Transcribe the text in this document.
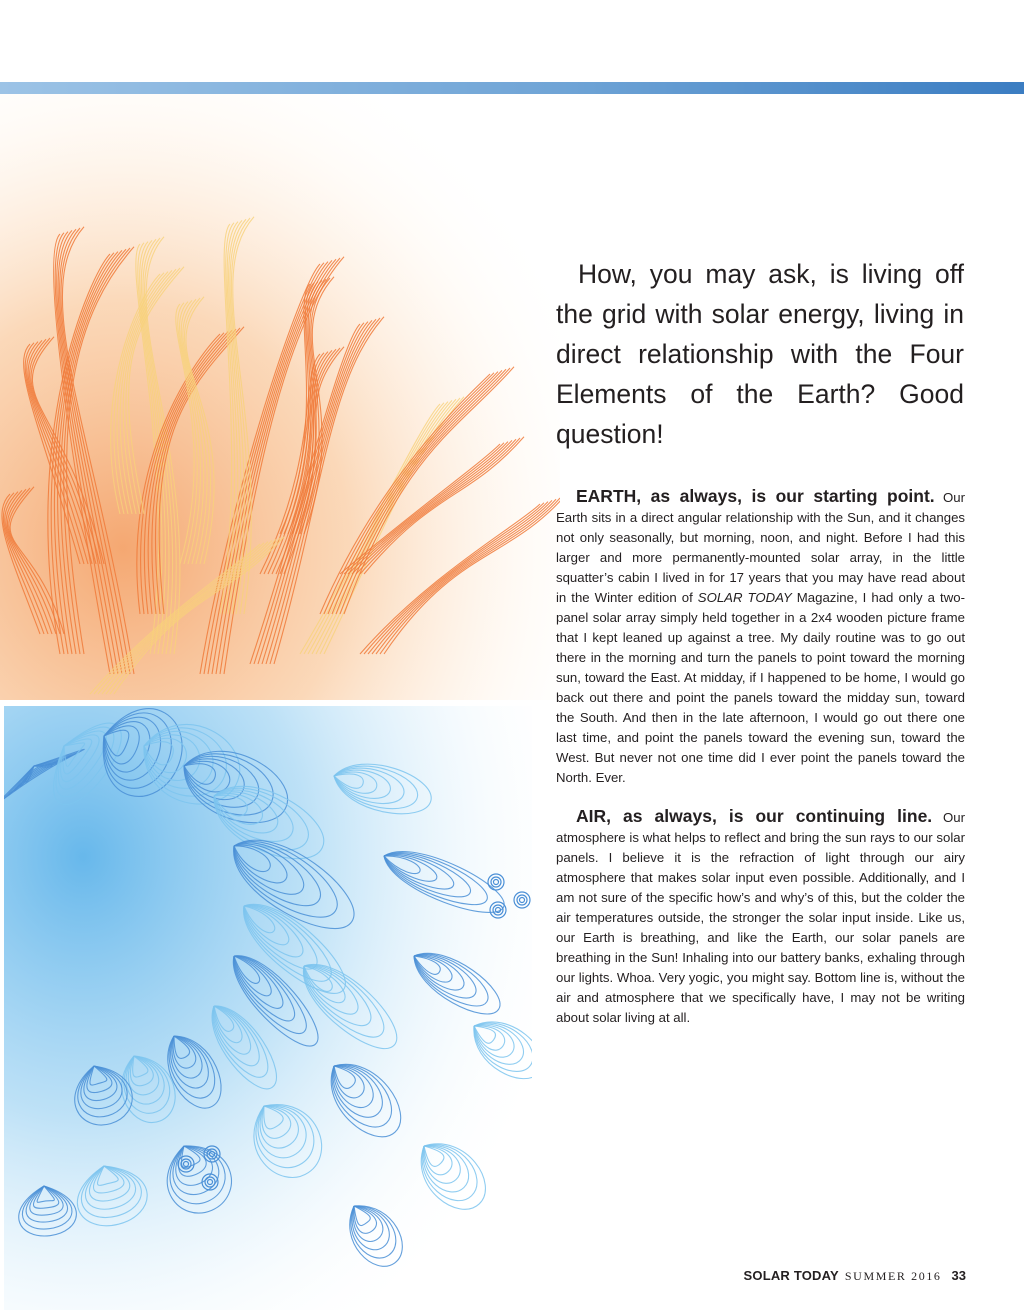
How, you may ask, is living off the grid with solar energy, living in direct relationship with the Four Elements of the Earth? Good question!
EARTH, as always, is our starting point. Our Earth sits in a direct angular relationship with the Sun, and it changes not only seasonally, but morning, noon, and night. Before I had this larger and more permanently-mounted solar array, in the little squatter’s cabin I lived in for 17 years that you may have read about in the Winter edition of SOLAR TODAY Magazine, I had only a two-panel solar array simply held together in a 2x4 wooden picture frame that I kept leaned up against a tree. My daily routine was to go out there in the morning and turn the panels to point toward the morning sun, toward the East. At midday, if I happened to be home, I would go back out there and point the panels toward the midday sun, toward the South. And then in the late afternoon, I would go out there one last time, and point the panels toward the evening sun, toward the West. But never not one time did I ever point the panels toward the North. Ever.
AIR, as always, is our continuing line. Our atmosphere is what helps to reflect and bring the sun rays to our solar panels. I believe it is the refraction of light through our airy atmosphere that makes solar input even possible. Additionally, and I am not sure of the specific how’s and why’s of this, but the colder the air temperatures outside, the stronger the solar input inside. Like us, our Earth is breathing, and like the Earth, our solar panels are breathing in the Sun! Inhaling into our battery banks, exhaling through our lights. Whoa. Very yogic, you might say. Bottom line is, without the air and atmosphere that we specifically have, I may not be writing about solar living at all.
SOLAR TODAY SUMMER 2016 33
